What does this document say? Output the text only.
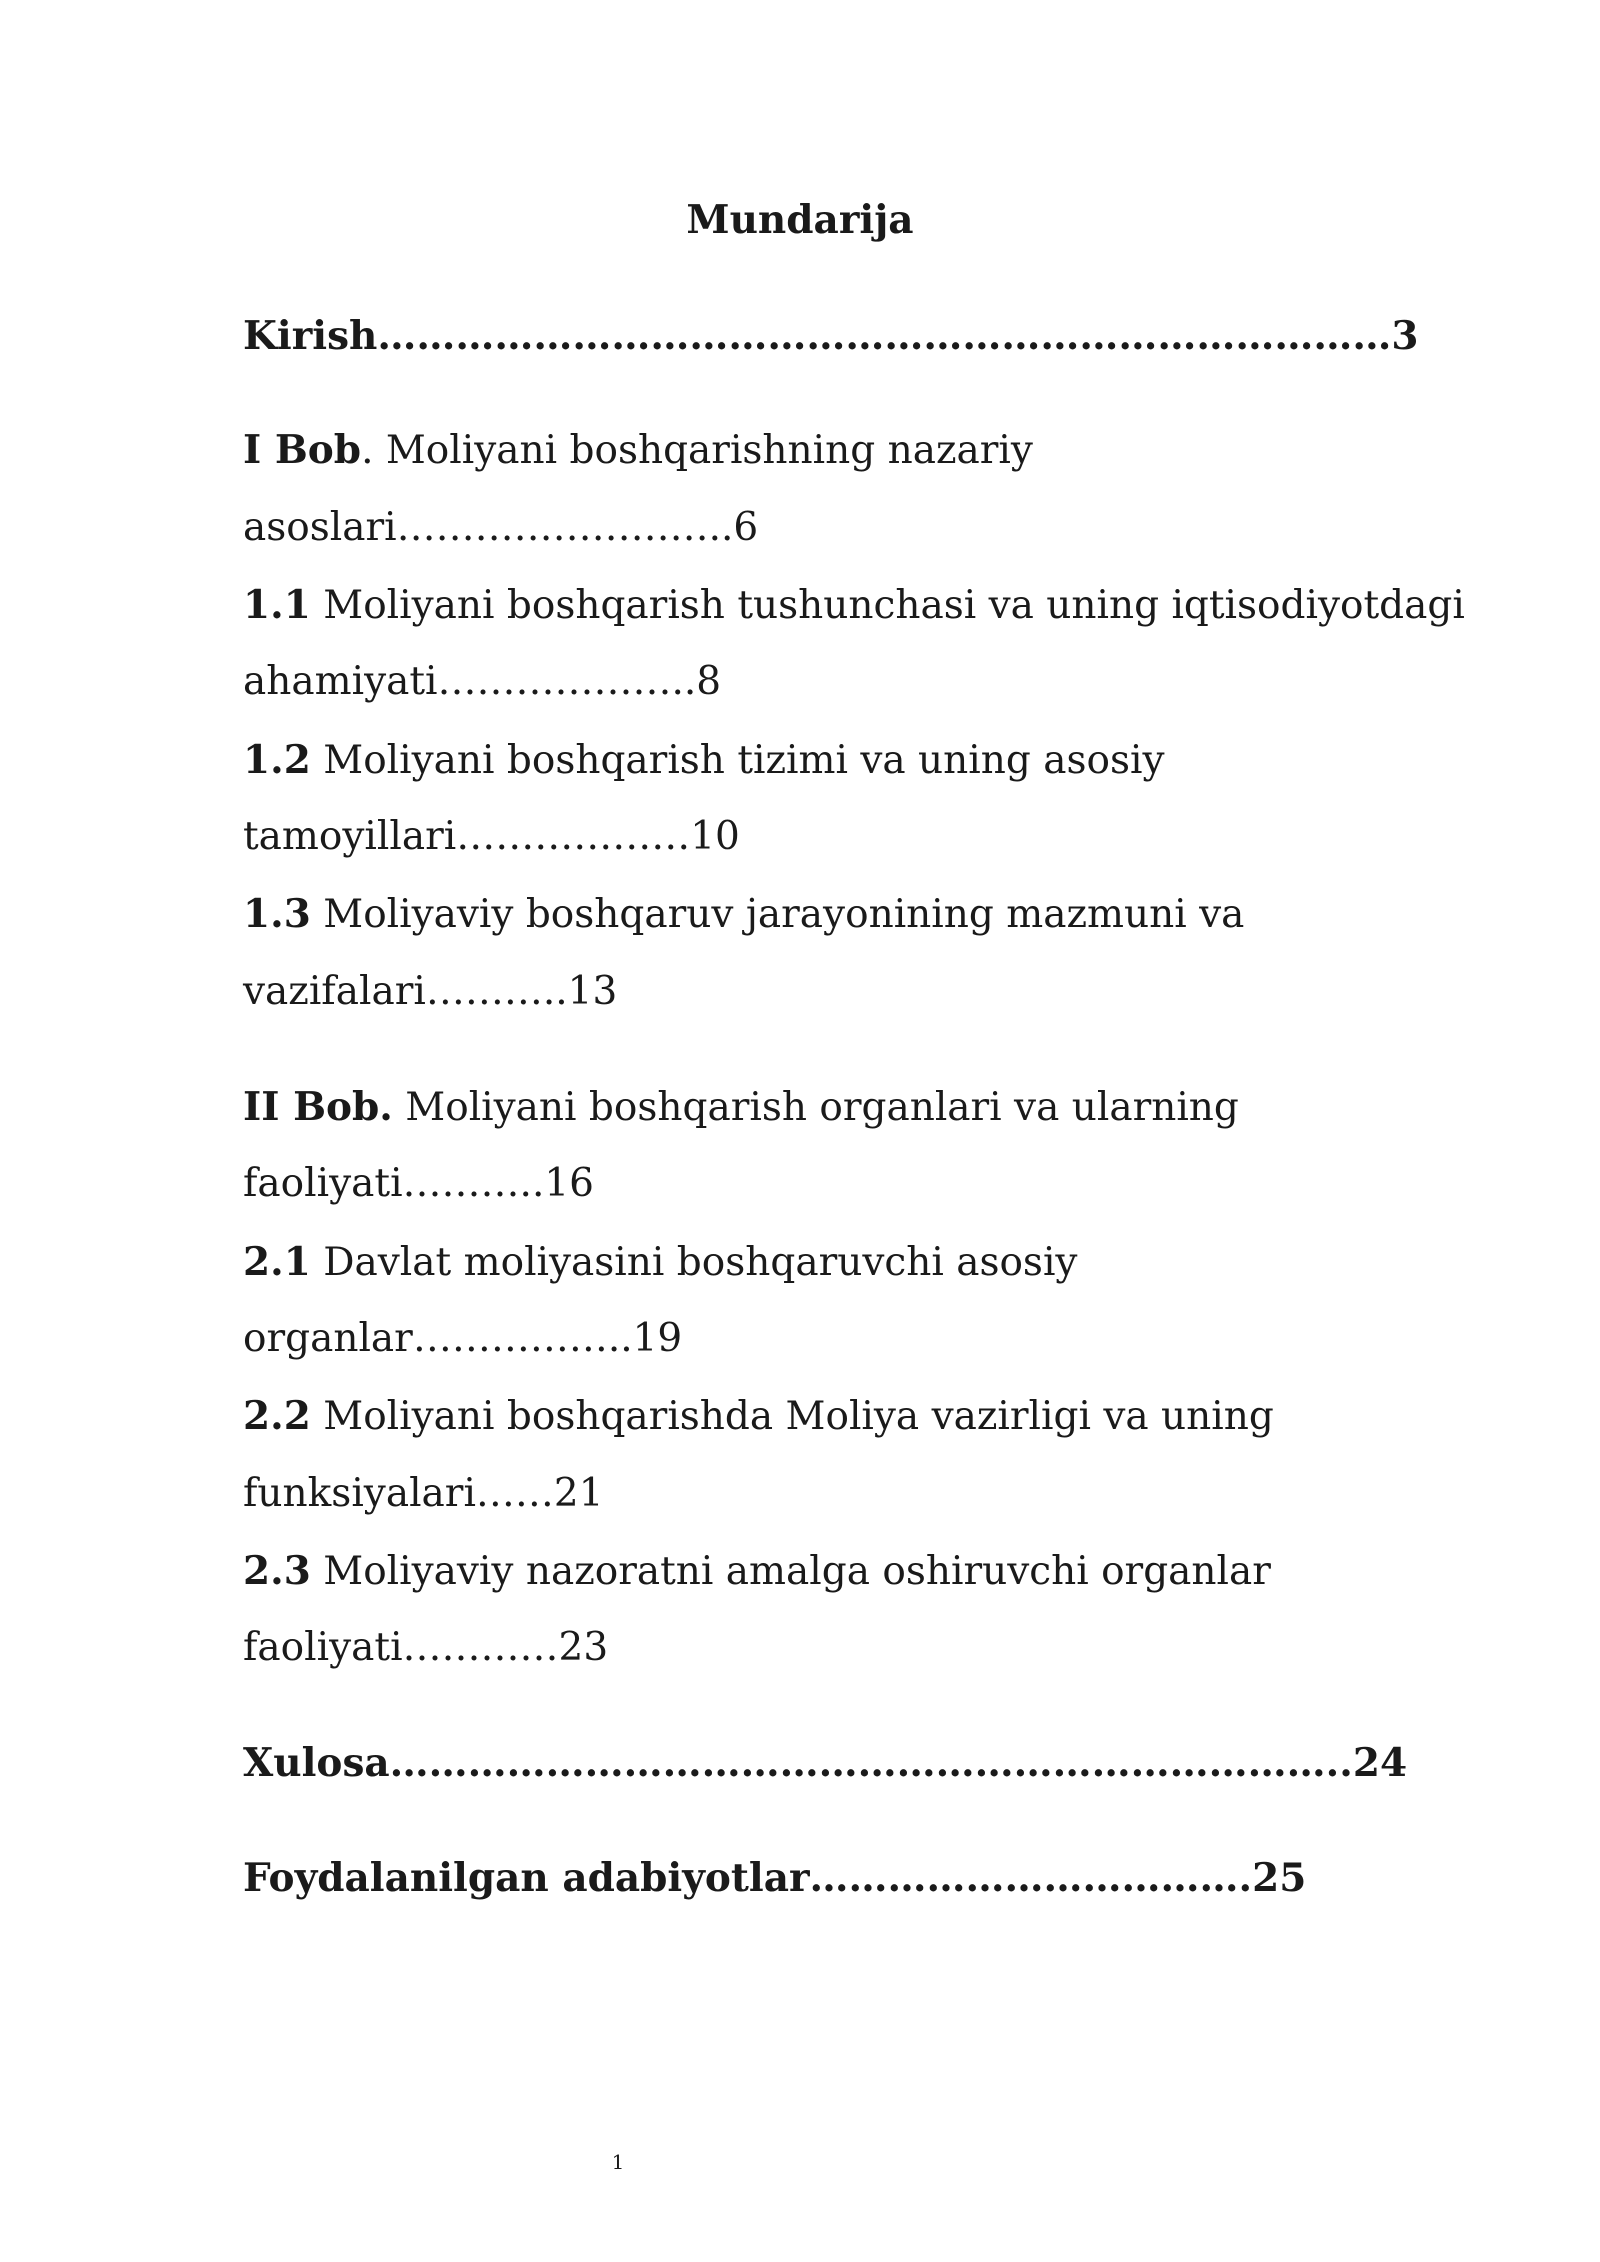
Mundarija
Kirish……………………………………………………………………3
I Bob. Moliyani boshqarishning nazariy
asoslari……………………..6
1.1 Moliyani boshqarish tushunchasi va uning iqtisodiyotdagi
ahamiyati………………..8
1.2 Moliyani boshqarish tizimi va uning asosiy
tamoyillari………………10
1.3 Moliyaviy boshqaruv jarayonining mazmuni va
vazifalari………..13
II Bob. Moliyani boshqarish organlari va ularning
faoliyati………..16
2.1 Davlat moliyasini boshqaruvchi asosiy
organlar……………..19
2.2 Moliyani boshqarishda Moliya vazirligi va uning
funksiyalari……21
2.3 Moliyaviy nazoratni amalga oshiruvchi organlar
faoliyati…………23
Xulosa………………………………………………………………..24
Foydalanilgan adabiyotlar…………………………….25
1
